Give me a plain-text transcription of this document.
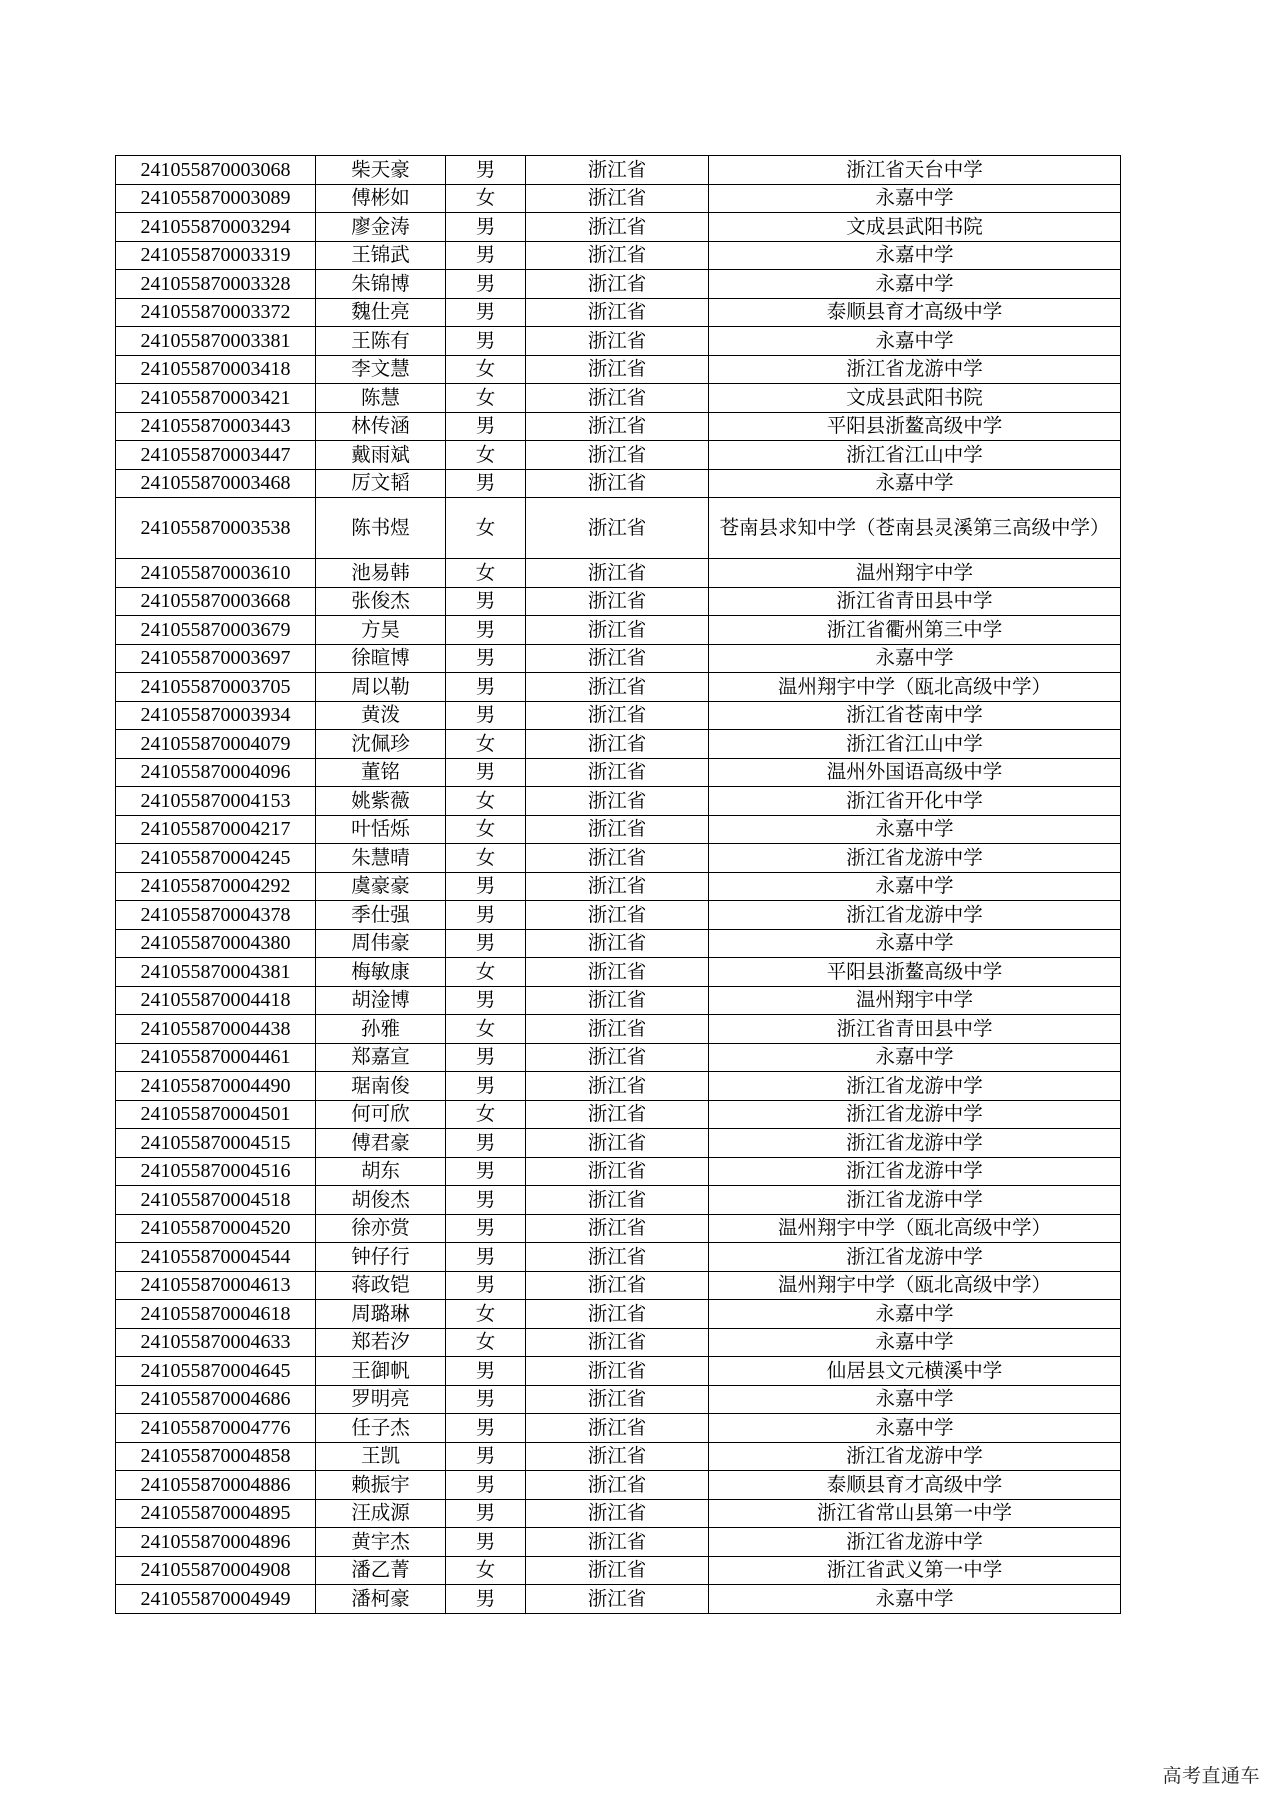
241055870003068	柴天豪	男	浙江省	浙江省天台中学
241055870003089	傅彬如	女	浙江省	永嘉中学
241055870003294	廖金涛	男	浙江省	文成县武阳书院
241055870003319	王锦武	男	浙江省	永嘉中学
241055870003328	朱锦博	男	浙江省	永嘉中学
241055870003372	魏仕亮	男	浙江省	泰顺县育才高级中学
241055870003381	王陈有	男	浙江省	永嘉中学
241055870003418	李文慧	女	浙江省	浙江省龙游中学
241055870003421	陈慧	女	浙江省	文成县武阳书院
241055870003443	林传涵	男	浙江省	平阳县浙鳌高级中学
241055870003447	戴雨斌	女	浙江省	浙江省江山中学
241055870003468	厉文韬	男	浙江省	永嘉中学
241055870003538	陈书煜	女	浙江省	苍南县求知中学（苍南县灵溪第三高级中学）
241055870003610	池易韩	女	浙江省	温州翔宇中学
241055870003668	张俊杰	男	浙江省	浙江省青田县中学
241055870003679	方昊	男	浙江省	浙江省衢州第三中学
241055870003697	徐暄博	男	浙江省	永嘉中学
241055870003705	周以勒	男	浙江省	温州翔宇中学（瓯北高级中学）
241055870003934	黄泼	男	浙江省	浙江省苍南中学
241055870004079	沈佩珍	女	浙江省	浙江省江山中学
241055870004096	董铭	男	浙江省	温州外国语高级中学
241055870004153	姚紫薇	女	浙江省	浙江省开化中学
241055870004217	叶恬烁	女	浙江省	永嘉中学
241055870004245	朱慧晴	女	浙江省	浙江省龙游中学
241055870004292	虞豪豪	男	浙江省	永嘉中学
241055870004378	季仕强	男	浙江省	浙江省龙游中学
241055870004380	周伟豪	男	浙江省	永嘉中学
241055870004381	梅敏康	女	浙江省	平阳县浙鳌高级中学
241055870004418	胡淦博	男	浙江省	温州翔宇中学
241055870004438	孙雅	女	浙江省	浙江省青田县中学
241055870004461	郑嘉宣	男	浙江省	永嘉中学
241055870004490	琚南俊	男	浙江省	浙江省龙游中学
241055870004501	何可欣	女	浙江省	浙江省龙游中学
241055870004515	傅君豪	男	浙江省	浙江省龙游中学
241055870004516	胡东	男	浙江省	浙江省龙游中学
241055870004518	胡俊杰	男	浙江省	浙江省龙游中学
241055870004520	徐亦赏	男	浙江省	温州翔宇中学（瓯北高级中学）
241055870004544	钟仔行	男	浙江省	浙江省龙游中学
241055870004613	蒋政铠	男	浙江省	温州翔宇中学（瓯北高级中学）
241055870004618	周璐琳	女	浙江省	永嘉中学
241055870004633	郑若汐	女	浙江省	永嘉中学
241055870004645	王御帆	男	浙江省	仙居县文元横溪中学
241055870004686	罗明亮	男	浙江省	永嘉中学
241055870004776	任子杰	男	浙江省	永嘉中学
241055870004858	王凯	男	浙江省	浙江省龙游中学
241055870004886	赖振宇	男	浙江省	泰顺县育才高级中学
241055870004895	汪成源	男	浙江省	浙江省常山县第一中学
241055870004896	黄宇杰	男	浙江省	浙江省龙游中学
241055870004908	潘乙菁	女	浙江省	浙江省武义第一中学
241055870004949	潘柯豪	男	浙江省	永嘉中学
高考直通车
